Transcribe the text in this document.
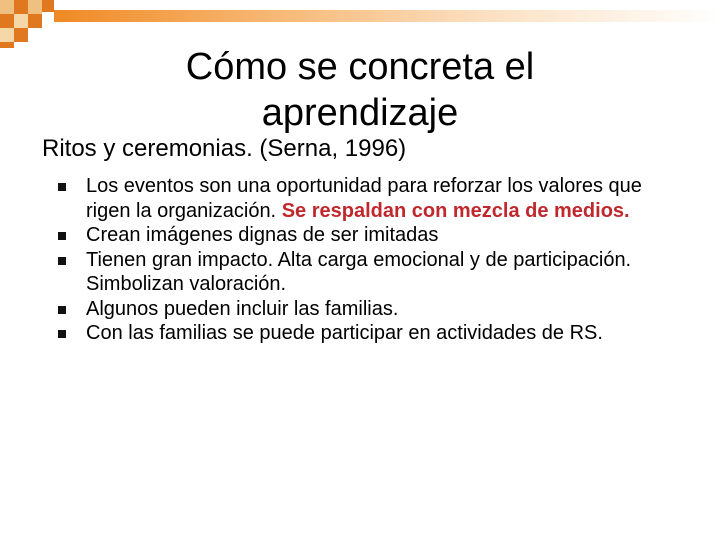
Cómo se concreta el aprendizaje

Ritos y ceremonias. (Serna, 1996)

Los eventos son una oportunidad para reforzar los valores que rigen la organización. Se respaldan con mezcla de medios.
Crean imágenes dignas de ser imitadas
Tienen gran impacto. Alta carga emocional y de participación. Simbolizan valoración.
Algunos pueden incluir las familias.
Con las familias se puede participar en actividades de RS.
